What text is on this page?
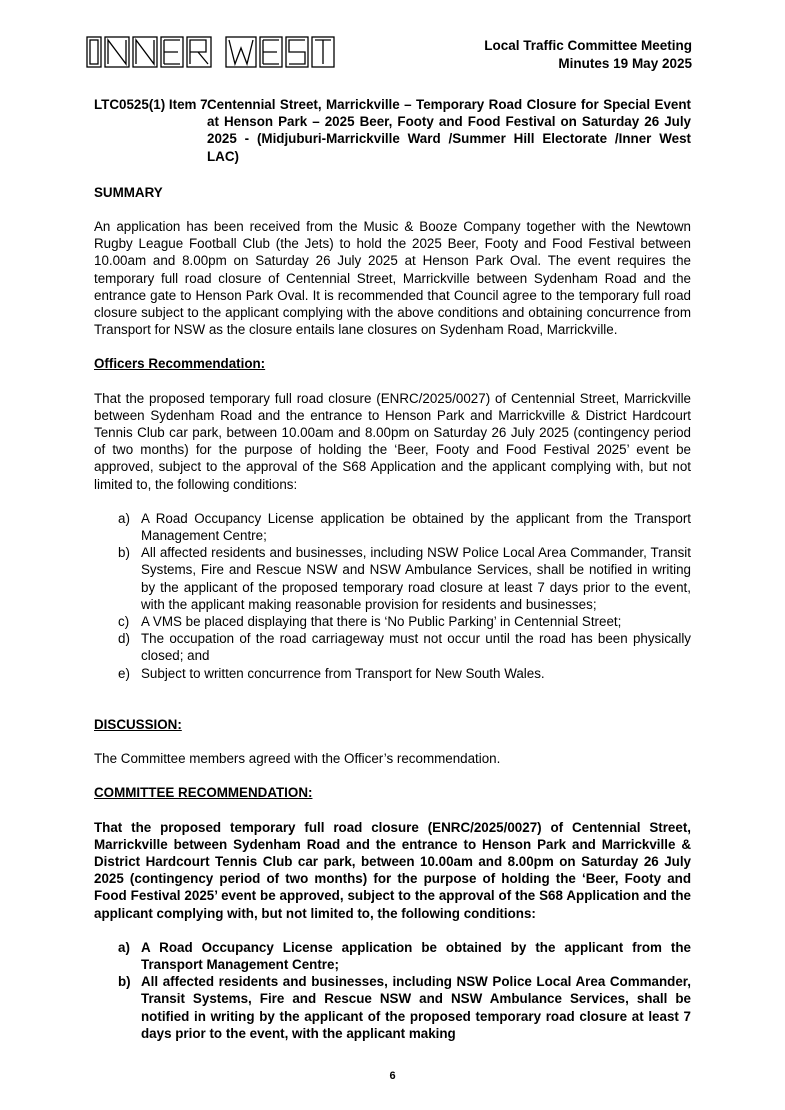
Local Traffic Committee Meeting
Minutes 19 May 2025
LTC0525(1) Item 7 Centennial Street, Marrickville – Temporary Road Closure for Special Event at Henson Park – 2025 Beer, Footy and Food Festival on Saturday 26 July 2025 - (Midjuburi-Marrickville Ward /Summer Hill Electorate /Inner West LAC)
SUMMARY

An application has been received from the Music & Booze Company together with the Newtown Rugby League Football Club (the Jets) to hold the 2025 Beer, Footy and Food Festival between 10.00am and 8.00pm on Saturday 26 July 2025 at Henson Park Oval. The event requires the temporary full road closure of Centennial Street, Marrickville between Sydenham Road and the entrance gate to Henson Park Oval. It is recommended that Council agree to the temporary full road closure subject to the applicant complying with the above conditions and obtaining concurrence from Transport for NSW as the closure entails lane closures on Sydenham Road, Marrickville.

Officers Recommendation:

That the proposed temporary full road closure (ENRC/2025/0027) of Centennial Street, Marrickville between Sydenham Road and the entrance to Henson Park and Marrickville & District Hardcourt Tennis Club car park, between 10.00am and 8.00pm on Saturday 26 July 2025 (contingency period of two months) for the purpose of holding the ‘Beer, Footy and Food Festival 2025’ event be approved, subject to the approval of the S68 Application and the applicant complying with, but not limited to, the following conditions:

a) A Road Occupancy License application be obtained by the applicant from the Transport Management Centre;
b) All affected residents and businesses, including NSW Police Local Area Commander, Transit Systems, Fire and Rescue NSW and NSW Ambulance Services, shall be notified in writing by the applicant of the proposed temporary road closure at least 7 days prior to the event, with the applicant making reasonable provision for residents and businesses;
c) A VMS be placed displaying that there is ‘No Public Parking’ in Centennial Street;
d) The occupation of the road carriageway must not occur until the road has been physically closed; and
e) Subject to written concurrence from Transport for New South Wales.
DISCUSSION:

The Committee members agreed with the Officer’s recommendation.

COMMITTEE RECOMMENDATION:

That the proposed temporary full road closure (ENRC/2025/0027) of Centennial Street, Marrickville between Sydenham Road and the entrance to Henson Park and Marrickville & District Hardcourt Tennis Club car park, between 10.00am and 8.00pm on Saturday 26 July 2025 (contingency period of two months) for the purpose of holding the ‘Beer, Footy and Food Festival 2025’ event be approved, subject to the approval of the S68 Application and the applicant complying with, but not limited to, the following conditions:

a) A Road Occupancy License application be obtained by the applicant from the Transport Management Centre;
b) All affected residents and businesses, including NSW Police Local Area Commander, Transit Systems, Fire and Rescue NSW and NSW Ambulance Services, shall be notified in writing by the applicant of the proposed temporary road closure at least 7 days prior to the event, with the applicant making
6
